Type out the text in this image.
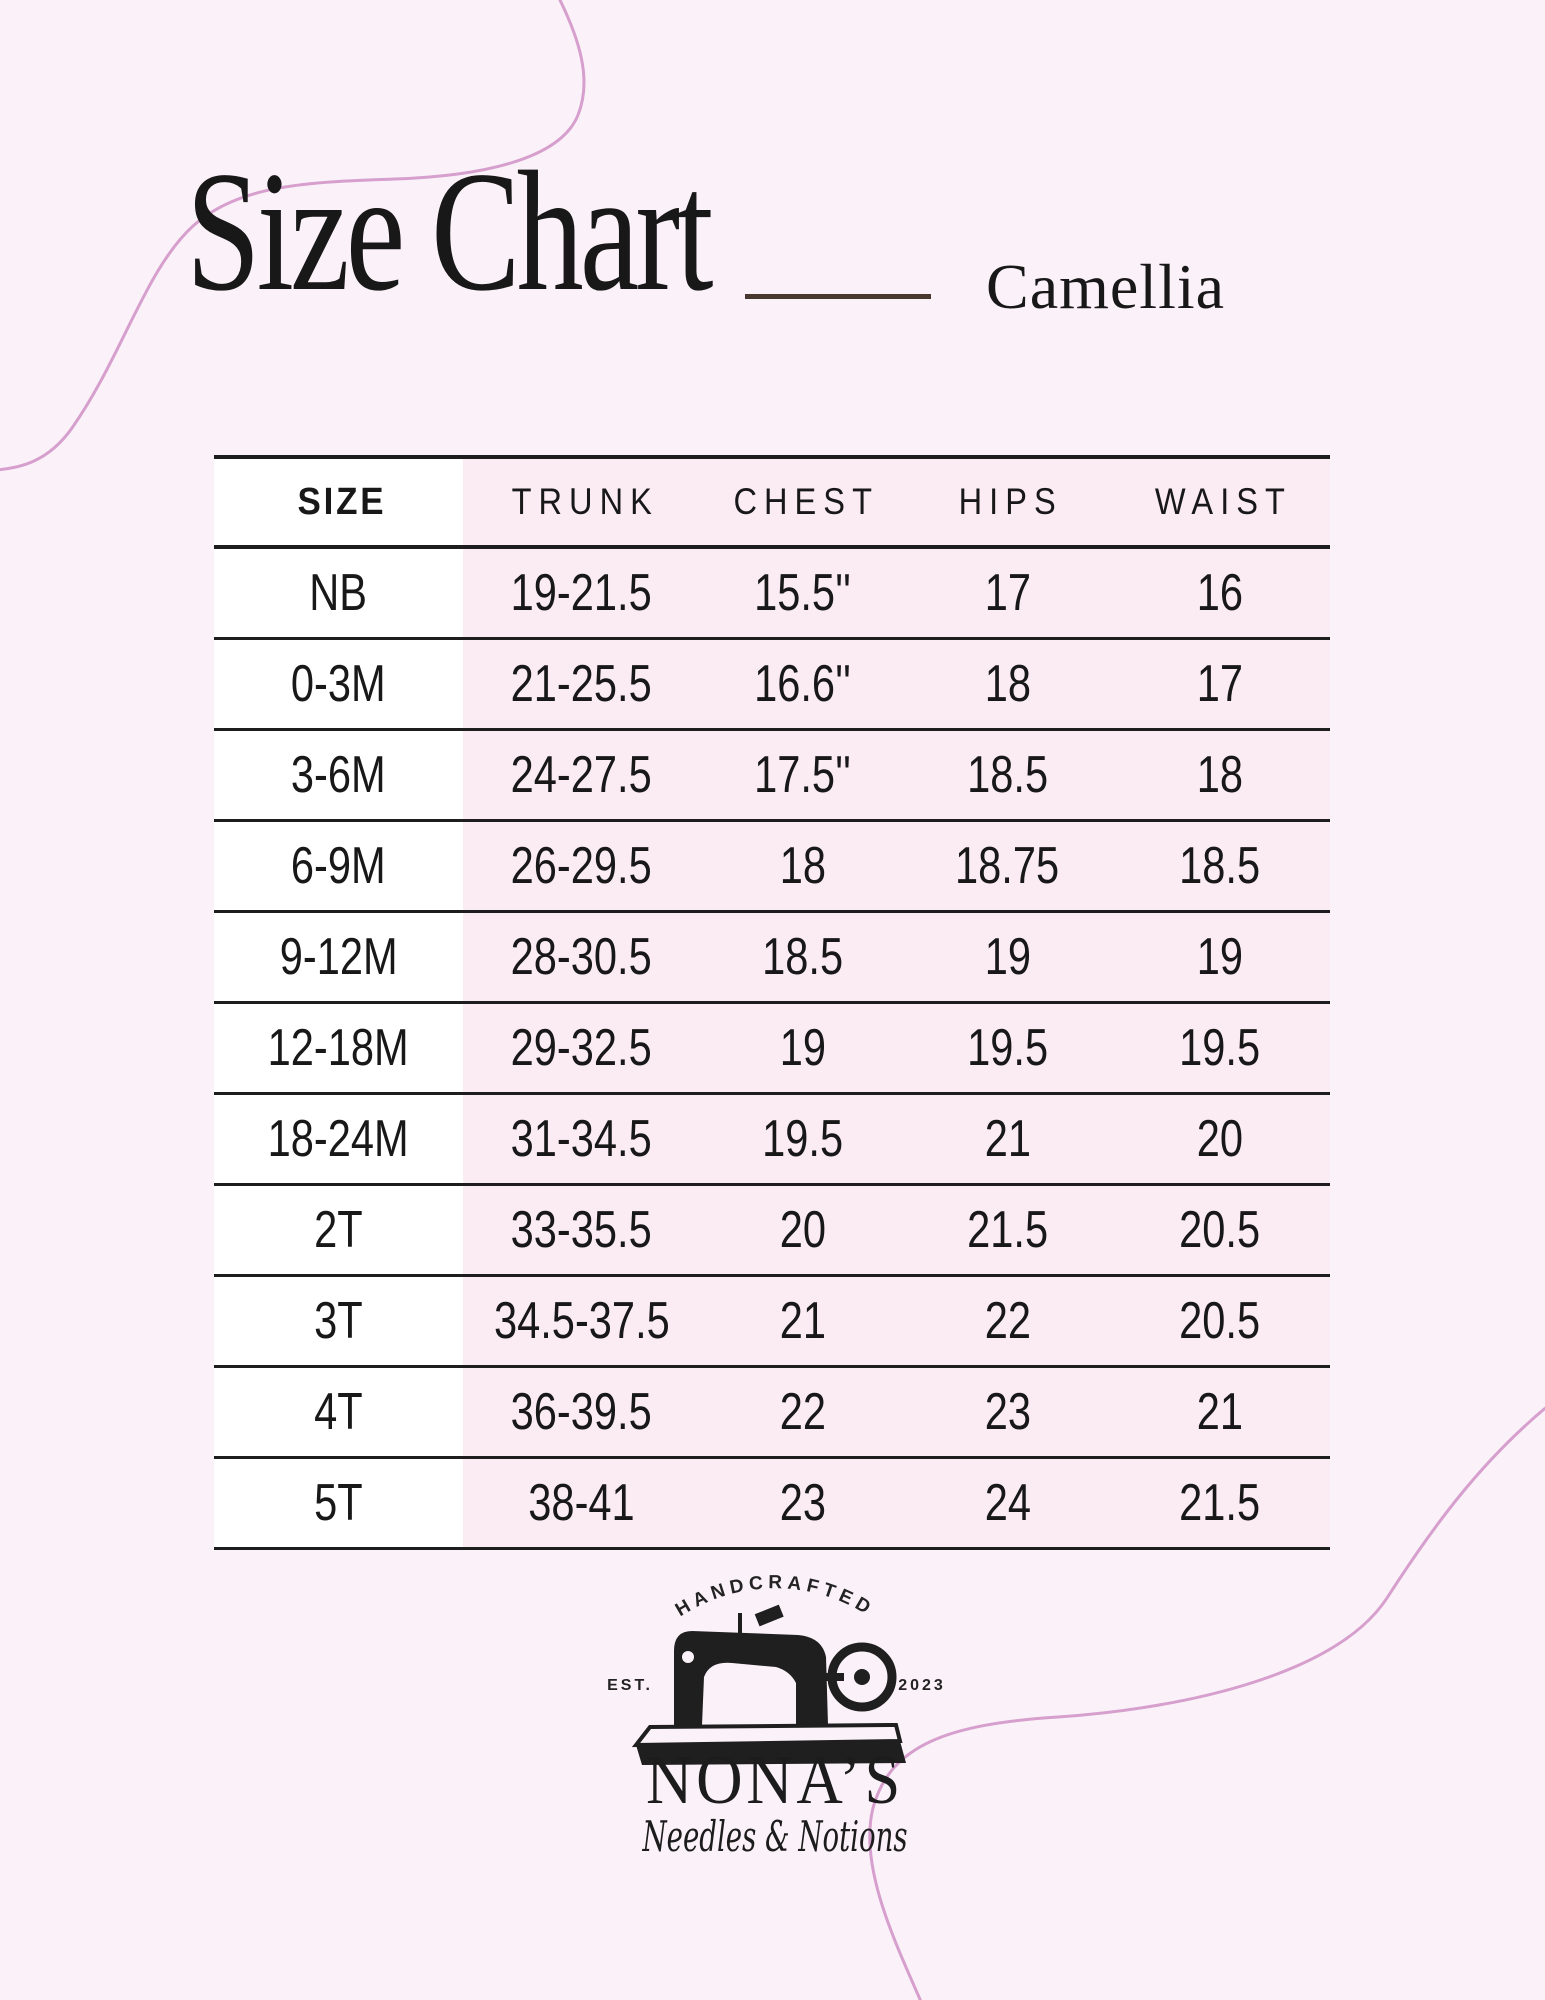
Size Chart	Camellia
SIZE	TRUNK CHEST HIPS WAIST
NB	19-21.5 15.5''	17	16
0-3M 21-25.5 16.6''	18	17
3-6M 24-27.5 17.5'' 18.5	18
6-9M 26-29.5 18 18.75 18.5
9-12M 28-30.5 18.5	19	19
12-18M 29-32.5 19	19.5	19.5
18-24M 31-34.5 19.5	21	20
2T	33-35.5 20	21.5	20.5
3T	34.5-37.5 21	22	20.5
4T	36-39.5 22	23	21
5T	38-41	23	24	21.5
HANDCRAFTED
EST.	2023
NONA’S
Needles & Notions
